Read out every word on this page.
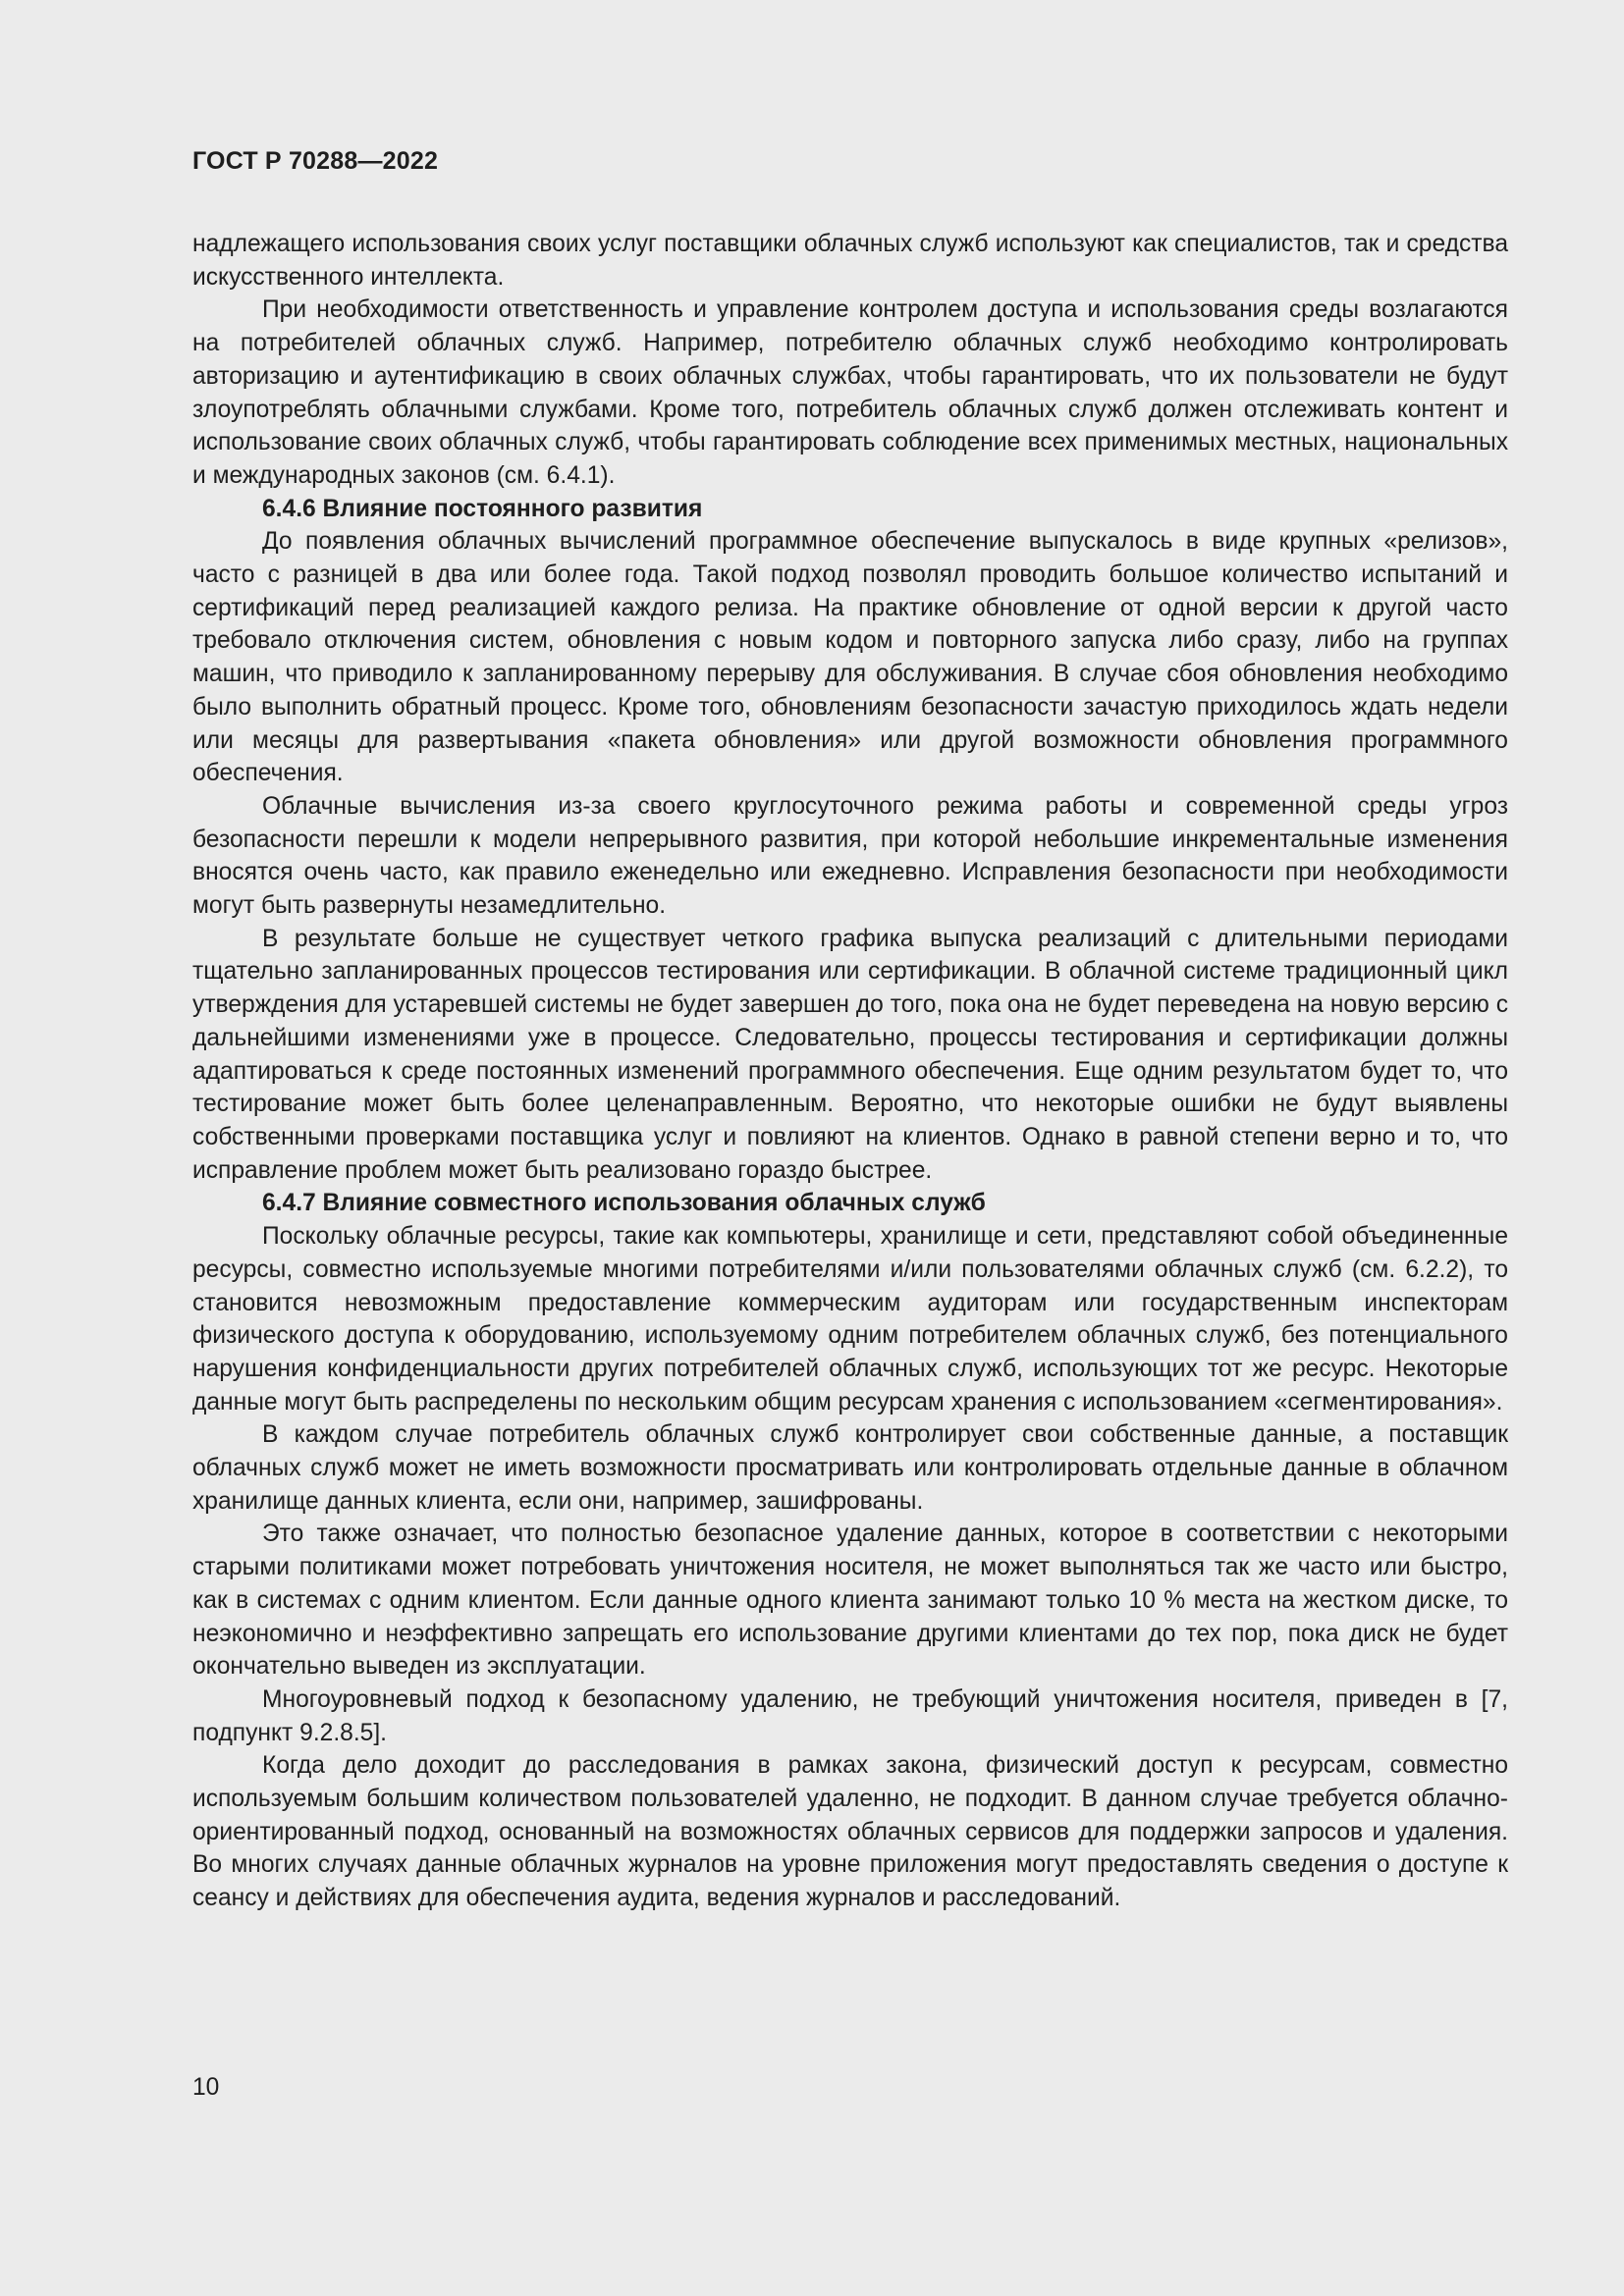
ГОСТ Р 70288—2022

надлежащего использования своих услуг поставщики облачных служб используют как специалистов, так и средства искусственного интеллекта.

При необходимости ответственность и управление контролем доступа и использования среды возлагаются на потребителей облачных служб. Например, потребителю облачных служб необходимо контролировать авторизацию и аутентификацию в своих облачных службах, чтобы гарантировать, что их пользователи не будут злоупотреблять облачными службами. Кроме того, потребитель облачных служб должен отслеживать контент и использование своих облачных служб, чтобы гарантировать соблюдение всех применимых местных, национальных и международных законов (см. 6.4.1).

6.4.6 Влияние постоянного развития

До появления облачных вычислений программное обеспечение выпускалось в виде крупных «релизов», часто с разницей в два или более года. Такой подход позволял проводить большое количество испытаний и сертификаций перед реализацией каждого релиза. На практике обновление от одной версии к другой часто требовало отключения систем, обновления с новым кодом и повторного запуска либо сразу, либо на группах машин, что приводило к запланированному перерыву для обслуживания. В случае сбоя обновления необходимо было выполнить обратный процесс. Кроме того, обновлениям безопасности зачастую приходилось ждать недели или месяцы для развертывания «пакета обновления» или другой возможности обновления программного обеспечения.

Облачные вычисления из-за своего круглосуточного режима работы и современной среды угроз безопасности перешли к модели непрерывного развития, при которой небольшие инкрементальные изменения вносятся очень часто, как правило еженедельно или ежедневно. Исправления безопасности при необходимости могут быть развернуты незамедлительно.

В результате больше не существует четкого графика выпуска реализаций с длительными периодами тщательно запланированных процессов тестирования или сертификации. В облачной системе традиционный цикл утверждения для устаревшей системы не будет завершен до того, пока она не будет переведена на новую версию с дальнейшими изменениями уже в процессе. Следовательно, процессы тестирования и сертификации должны адаптироваться к среде постоянных изменений программного обеспечения. Еще одним результатом будет то, что тестирование может быть более целенаправленным. Вероятно, что некоторые ошибки не будут выявлены собственными проверками поставщика услуг и повлияют на клиентов. Однако в равной степени верно и то, что исправление проблем может быть реализовано гораздо быстрее.

6.4.7 Влияние совместного использования облачных служб

Поскольку облачные ресурсы, такие как компьютеры, хранилище и сети, представляют собой объединенные ресурсы, совместно используемые многими потребителями и/или пользователями облачных служб (см. 6.2.2), то становится невозможным предоставление коммерческим аудиторам или государственным инспекторам физического доступа к оборудованию, используемому одним потребителем облачных служб, без потенциального нарушения конфиденциальности других потребителей облачных служб, использующих тот же ресурс. Некоторые данные могут быть распределены по нескольким общим ресурсам хранения с использованием «сегментирования».

В каждом случае потребитель облачных служб контролирует свои собственные данные, а поставщик облачных служб может не иметь возможности просматривать или контролировать отдельные данные в облачном хранилище данных клиента, если они, например, зашифрованы.

Это также означает, что полностью безопасное удаление данных, которое в соответствии с некоторыми старыми политиками может потребовать уничтожения носителя, не может выполняться так же часто или быстро, как в системах с одним клиентом. Если данные одного клиента занимают только 10 % места на жестком диске, то неэкономично и неэффективно запрещать его использование другими клиентами до тех пор, пока диск не будет окончательно выведен из эксплуатации.

Многоуровневый подход к безопасному удалению, не требующий уничтожения носителя, приведен в [7, подпункт 9.2.8.5].

Когда дело доходит до расследования в рамках закона, физический доступ к ресурсам, совместно используемым большим количеством пользователей удаленно, не подходит. В данном случае требуется облачно-ориентированный подход, основанный на возможностях облачных сервисов для поддержки запросов и удаления. Во многих случаях данные облачных журналов на уровне приложения могут предоставлять сведения о доступе к сеансу и действиях для обеспечения аудита, ведения журналов и расследований.

10
